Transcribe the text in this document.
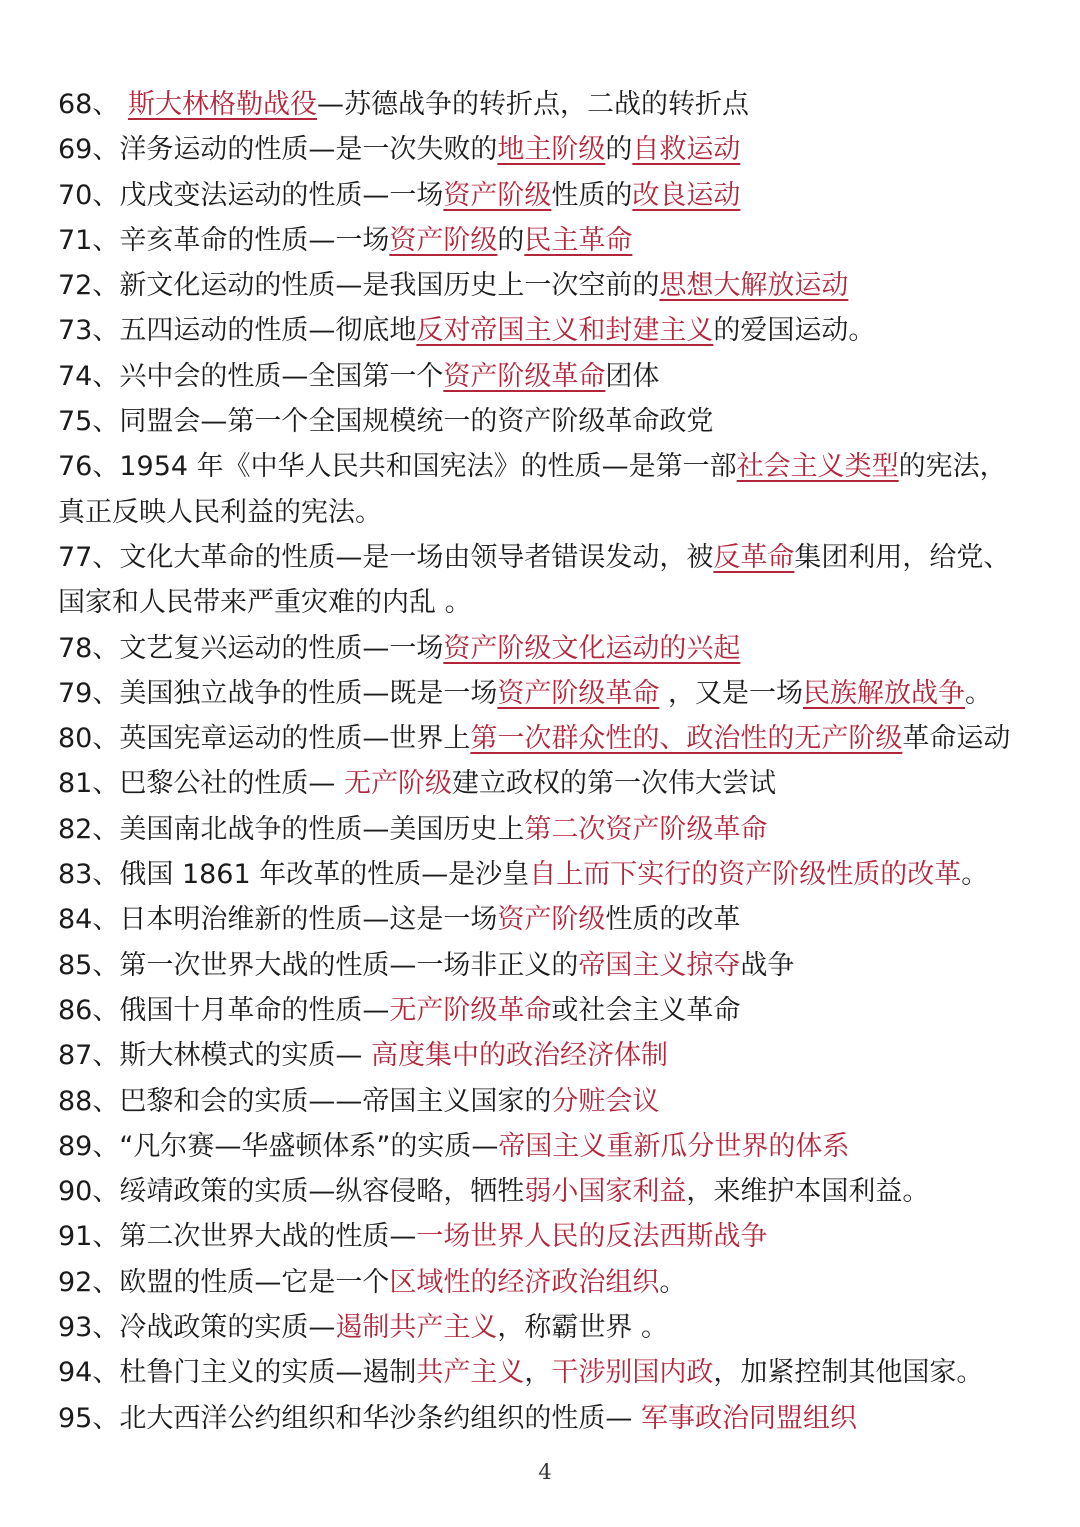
68、 斯大林格勒战役—苏德战争的转折点，二战的转折点
69、洋务运动的性质—是一次失败的地主阶级的自救运动
70、戊戌变法运动的性质—一场资产阶级性质的改良运动
71、辛亥革命的性质—一场资产阶级的民主革命
72、新文化运动的性质—是我国历史上一次空前的思想大解放运动
73、五四运动的性质—彻底地反对帝国主义和封建主义的爱国运动。
74、兴中会的性质—全国第一个资产阶级革命团体
75、同盟会—第一个全国规模统一的资产阶级革命政党
76、1954 年《中华人民共和国宪法》的性质—是第一部社会主义类型的宪法，
真正反映人民利益的宪法。
77、文化大革命的性质—是一场由领导者错误发动，被反革命集团利用，给党、
国家和人民带来严重灾难的内乱 。
78、文艺复兴运动的性质—一场资产阶级文化运动的兴起
79、美国独立战争的性质—既是一场资产阶级革命 ，又是一场民族解放战争。
80、英国宪章运动的性质—世界上第一次群众性的、政治性的无产阶级革命运动
81、巴黎公社的性质— 无产阶级建立政权的第一次伟大尝试
82、美国南北战争的性质—美国历史上第二次资产阶级革命
83、俄国 1861 年改革的性质—是沙皇自上而下实行的资产阶级性质的改革。
84、日本明治维新的性质—这是一场资产阶级性质的改革
85、第一次世界大战的性质—一场非正义的帝国主义掠夺战争
86、俄国十月革命的性质—无产阶级革命或社会主义革命
87、斯大林模式的实质— 高度集中的政治经济体制
88、巴黎和会的实质——帝国主义国家的分赃会议
89、“凡尔赛—华盛顿体系”的实质—帝国主义重新瓜分世界的体系
90、绥靖政策的实质—纵容侵略，牺牲弱小国家利益，来维护本国利益。
91、第二次世界大战的性质—一场世界人民的反法西斯战争
92、欧盟的性质—它是一个区域性的经济政治组织。
93、冷战政策的实质—遏制共产主义，称霸世界 。
94、杜鲁门主义的实质—遏制共产主义，干涉别国内政，加紧控制其他国家。
95、北大西洋公约组织和华沙条约组织的性质— 军事政治同盟组织
4
